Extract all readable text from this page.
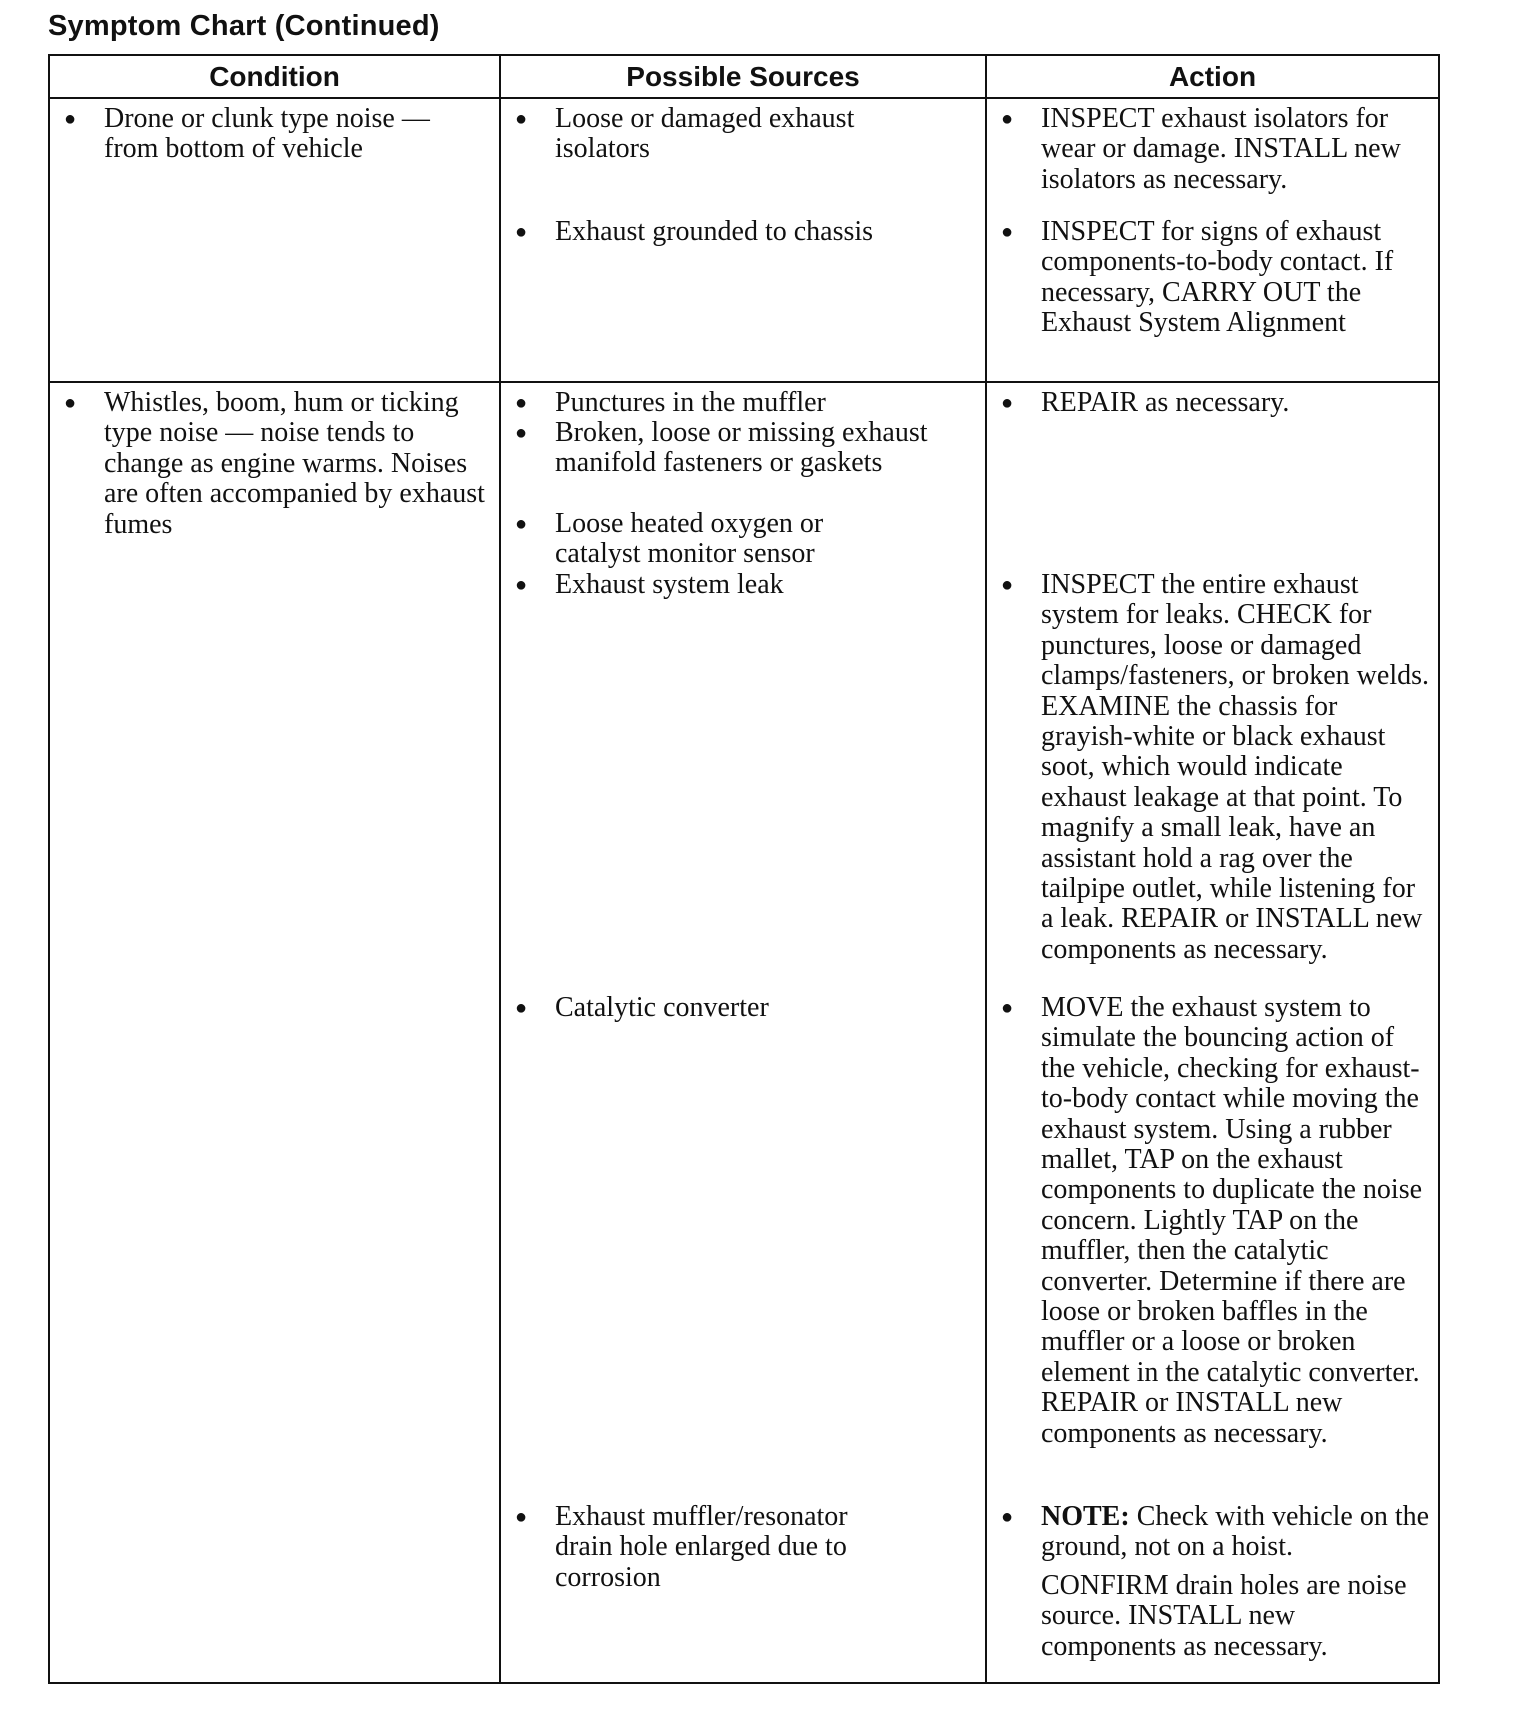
Symptom Chart (Continued)
Condition	Possible Sources	Action
● Drone or clunk type noise — from bottom of vehicle
● Loose or damaged exhaust isolators
● Exhaust grounded to chassis
● INSPECT exhaust isolators for wear or damage. INSTALL new isolators as necessary.
● INSPECT for signs of exhaust components-to-body contact. If necessary, CARRY OUT the Exhaust System Alignment
● Whistles, boom, hum or ticking type noise — noise tends to change as engine warms. Noises are often accompanied by exhaust fumes
● Punctures in the muffler
● Broken, loose or missing exhaust manifold fasteners or gaskets
● Loose heated oxygen or catalyst monitor sensor
● Exhaust system leak
● Catalytic converter
● Exhaust muffler/resonator drain hole enlarged due to corrosion
● REPAIR as necessary.
● INSPECT the entire exhaust system for leaks. CHECK for punctures, loose or damaged clamps/fasteners, or broken welds. EXAMINE the chassis for grayish-white or black exhaust soot, which would indicate exhaust leakage at that point. To magnify a small leak, have an assistant hold a rag over the tailpipe outlet, while listening for a leak. REPAIR or INSTALL new components as necessary.
● MOVE the exhaust system to simulate the bouncing action of the vehicle, checking for exhaust-to-body contact while moving the exhaust system. Using a rubber mallet, TAP on the exhaust components to duplicate the noise concern. Lightly TAP on the muffler, then the catalytic converter. Determine if there are loose or broken baffles in the muffler or a loose or broken element in the catalytic converter. REPAIR or INSTALL new components as necessary.
● NOTE: Check with vehicle on the ground, not on a hoist.
CONFIRM drain holes are noise source. INSTALL new components as necessary.
